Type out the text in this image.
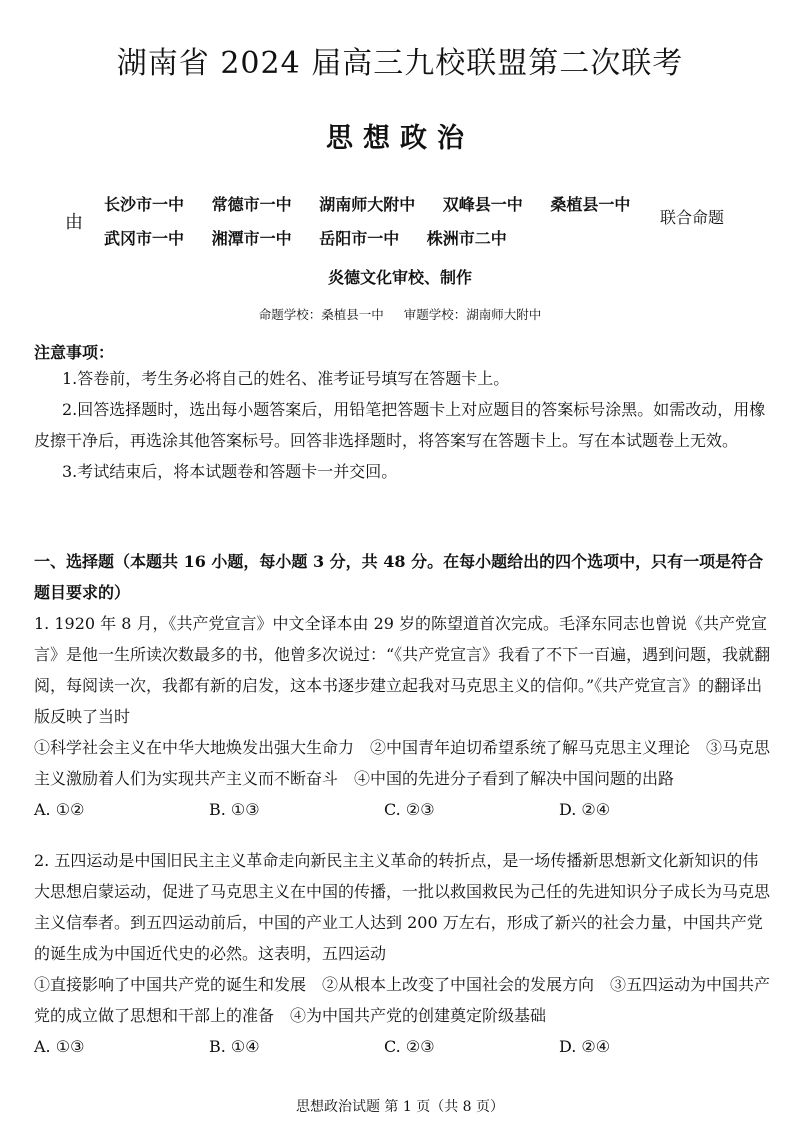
湖南省 2024 届高三九校联盟第二次联考
思想政治
由
长沙市一中 常德市一中 湖南师大附中 双峰县一中 桑植县一中
武冈市一中 湘潭市一中 岳阳市一中 株洲市二中
联合命题
炎德文化审校、制作
命题学校：桑植县一中 审题学校：湖南师大附中
注意事项：

1.答卷前，考生务必将自己的姓名、准考证号填写在答题卡上。

2.回答选择题时，选出每小题答案后，用铅笔把答题卡上对应题目的答案标号涂黑。如需改动，用橡皮擦干净后，再选涂其他答案标号。回答非选择题时，将答案写在答题卡上。写在本试题卷上无效。

3.考试结束后，将本试题卷和答题卡一并交回。

一、选择题（本题共 16 小题，每小题 3 分，共 48 分。在每小题给出的四个选项中，只有一项是符合题目要求的）

1. 1920 年 8 月，《共产党宣言》中文全译本由 29 岁的陈望道首次完成。毛泽东同志也曾说《共产党宣言》是他一生所读次数最多的书，他曾多次说过：“《共产党宣言》我看了不下一百遍，遇到问题，我就翻阅，每阅读一次，我都有新的启发，这本书逐步建立起我对马克思主义的信仰。”《共产党宣言》的翻译出版反映了当时

①科学社会主义在中华大地焕发出强大生命力　②中国青年迫切希望系统了解马克思主义理论　③马克思主义激励着人们为实现共产主义而不断奋斗　④中国的先进分子看到了解决中国问题的出路

A. ①②	B. ①③	C. ②③	D. ②④

2. 五四运动是中国旧民主主义革命走向新民主主义革命的转折点，是一场传播新思想新文化新知识的伟大思想启蒙运动，促进了马克思主义在中国的传播，一批以救国救民为己任的先进知识分子成长为马克思主义信奉者。到五四运动前后，中国的产业工人达到 200 万左右，形成了新兴的社会力量，中国共产党的诞生成为中国近代史的必然。这表明，五四运动

①直接影响了中国共产党的诞生和发展　②从根本上改变了中国社会的发展方向　③五四运动为中国共产党的成立做了思想和干部上的准备　④为中国共产党的创建奠定阶级基础

A. ①③	B. ①④	C. ②③	D. ②④
思想政治试题 第 1 页（共 8 页）
